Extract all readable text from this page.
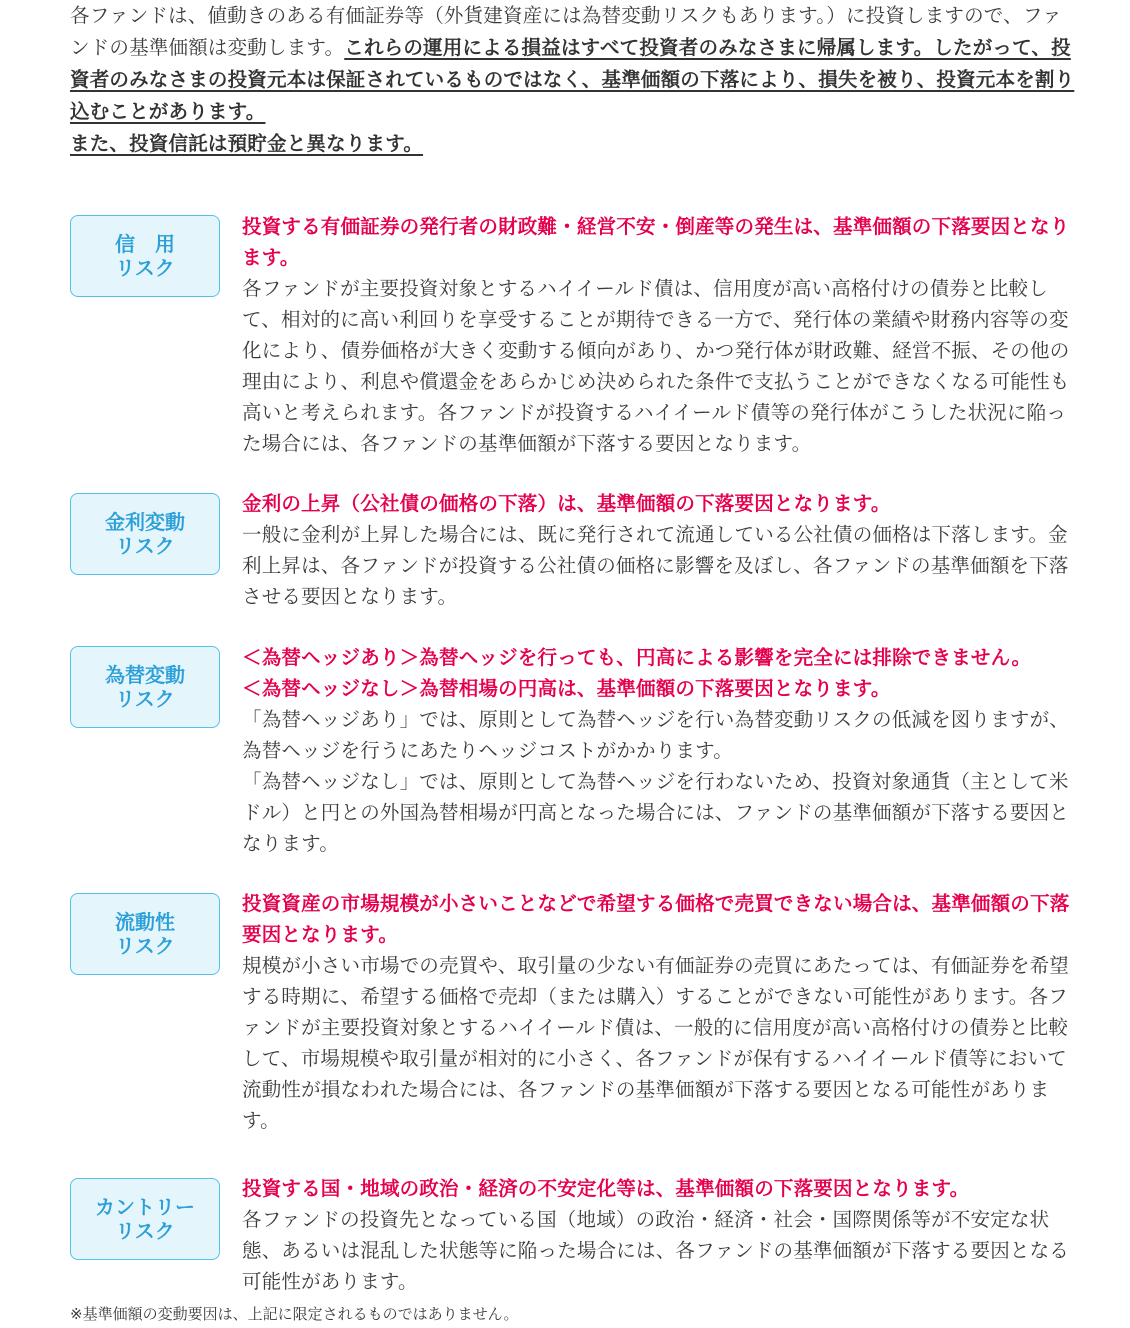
各ファンドは、値動きのある有価証券等（外貨建資産には為替変動リスクもあります。）に投資しますので、ファンドの基準価額は変動します。これらの運用による損益はすべて投資者のみなさまに帰属します。したがって、投資者のみなさまの投資元本は保証されているものではなく、基準価額の下落により、損失を被り、投資元本を割り込むことがあります。
また、投資信託は預貯金と異なります。
信　用
リスク
投資する有価証券の発行者の財政難・経営不安・倒産等の発生は、基準価額の下落要因となります。
各ファンドが主要投資対象とするハイイールド債は、信用度が高い高格付けの債券と比較して、相対的に高い利回りを享受することが期待できる一方で、発行体の業績や財務内容等の変化により、債券価格が大きく変動する傾向があり、かつ発行体が財政難、経営不振、その他の理由により、利息や償還金をあらかじめ決められた条件で支払うことができなくなる可能性も高いと考えられます。各ファンドが投資するハイイールド債等の発行体がこうした状況に陥った場合には、各ファンドの基準価額が下落する要因となります。
金利変動
リスク
金利の上昇（公社債の価格の下落）は、基準価額の下落要因となります。
一般に金利が上昇した場合には、既に発行されて流通している公社債の価格は下落します。金利上昇は、各ファンドが投資する公社債の価格に影響を及ぼし、各ファンドの基準価額を下落させる要因となります。
為替変動
リスク
＜為替ヘッジあり＞為替ヘッジを行っても、円高による影響を完全には排除できません。
＜為替ヘッジなし＞為替相場の円高は、基準価額の下落要因となります。
「為替ヘッジあり」では、原則として為替ヘッジを行い為替変動リスクの低減を図りますが、為替ヘッジを行うにあたりヘッジコストがかかります。
「為替ヘッジなし」では、原則として為替ヘッジを行わないため、投資対象通貨（主として米ドル）と円との外国為替相場が円高となった場合には、ファンドの基準価額が下落する要因となります。
流動性
リスク
投資資産の市場規模が小さいことなどで希望する価格で売買できない場合は、基準価額の下落要因となります。
規模が小さい市場での売買や、取引量の少ない有価証券の売買にあたっては、有価証券を希望する時期に、希望する価格で売却（または購入）することができない可能性があります。各ファンドが主要投資対象とするハイイールド債は、一般的に信用度が高い高格付けの債券と比較して、市場規模や取引量が相対的に小さく、各ファンドが保有するハイイールド債等において流動性が損なわれた場合には、各ファンドの基準価額が下落する要因となる可能性があります。
カントリー
リスク
投資する国・地域の政治・経済の不安定化等は、基準価額の下落要因となります。
各ファンドの投資先となっている国（地域）の政治・経済・社会・国際関係等が不安定な状態、あるいは混乱した状態等に陥った場合には、各ファンドの基準価額が下落する要因となる可能性があります。
※基準価額の変動要因は、上記に限定されるものではありません。
